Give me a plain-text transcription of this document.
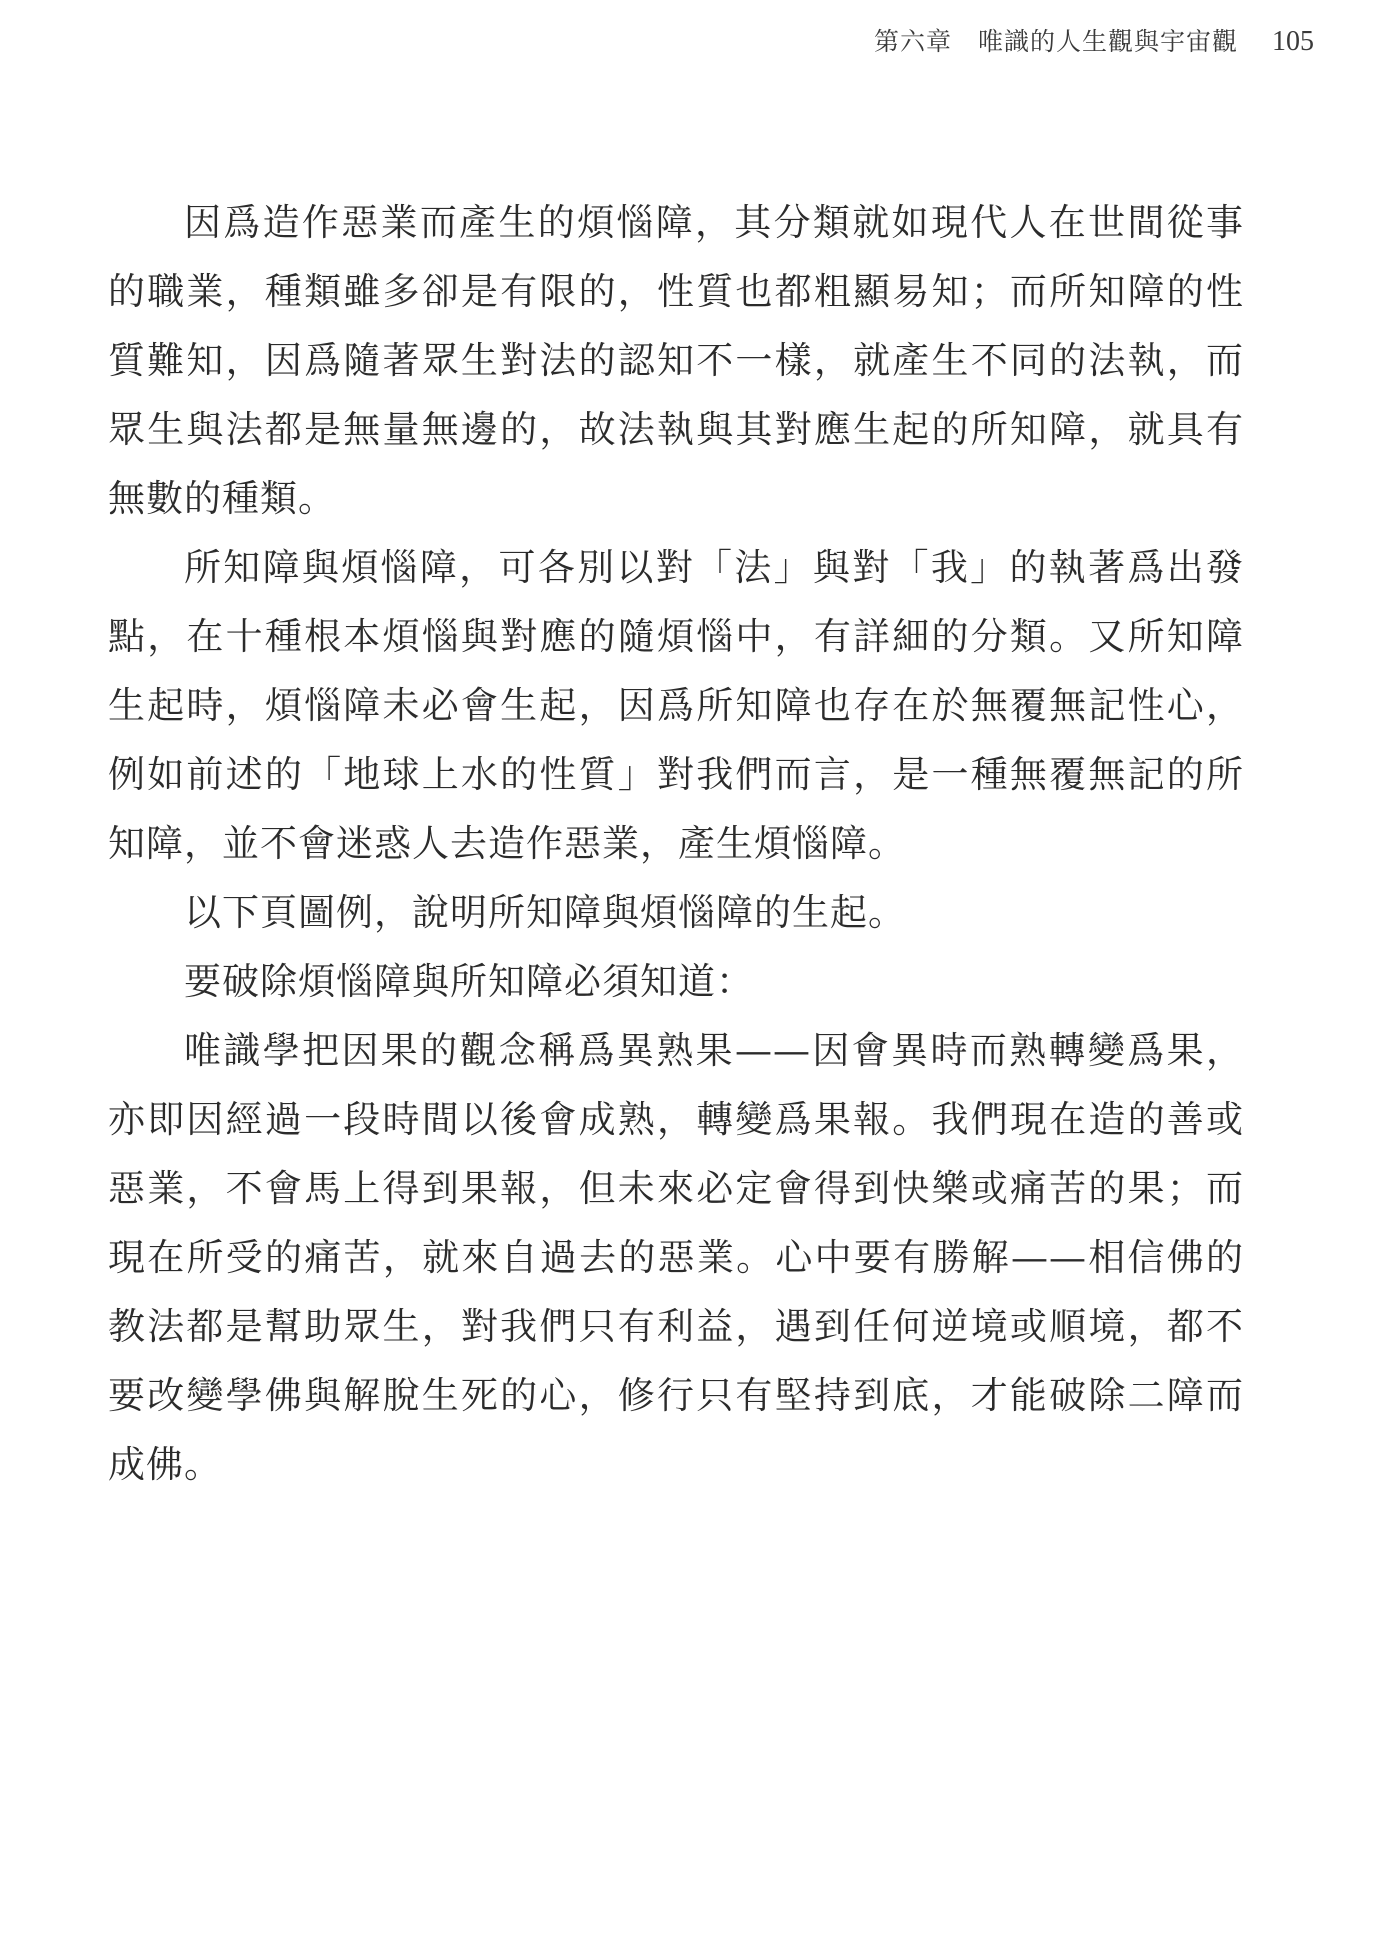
第六章　唯識的人生觀與宇宙觀 105

因爲造作惡業而產生的煩惱障，其分類就如現代人在世間從事的職業，種類雖多卻是有限的，性質也都粗顯易知；而所知障的性質難知，因爲隨著眾生對法的認知不一樣，就產生不同的法執，而眾生與法都是無量無邊的，故法執與其對應生起的所知障，就具有無數的種類。

所知障與煩惱障，可各別以對「法」與對「我」的執著爲出發點，在十種根本煩惱與對應的隨煩惱中，有詳細的分類。又所知障生起時，煩惱障未必會生起，因爲所知障也存在於無覆無記性心，例如前述的「地球上水的性質」對我們而言，是一種無覆無記的所知障，並不會迷惑人去造作惡業，產生煩惱障。

以下頁圖例，說明所知障與煩惱障的生起。

要破除煩惱障與所知障必須知道：

唯識學把因果的觀念稱爲異熟果——因會異時而熟轉變爲果，亦即因經過一段時間以後會成熟，轉變爲果報。我們現在造的善或惡業，不會馬上得到果報，但未來必定會得到快樂或痛苦的果；而現在所受的痛苦，就來自過去的惡業。心中要有勝解——相信佛的教法都是幫助眾生，對我們只有利益，遇到任何逆境或順境，都不要改變學佛與解脫生死的心，修行只有堅持到底，才能破除二障而成佛。
